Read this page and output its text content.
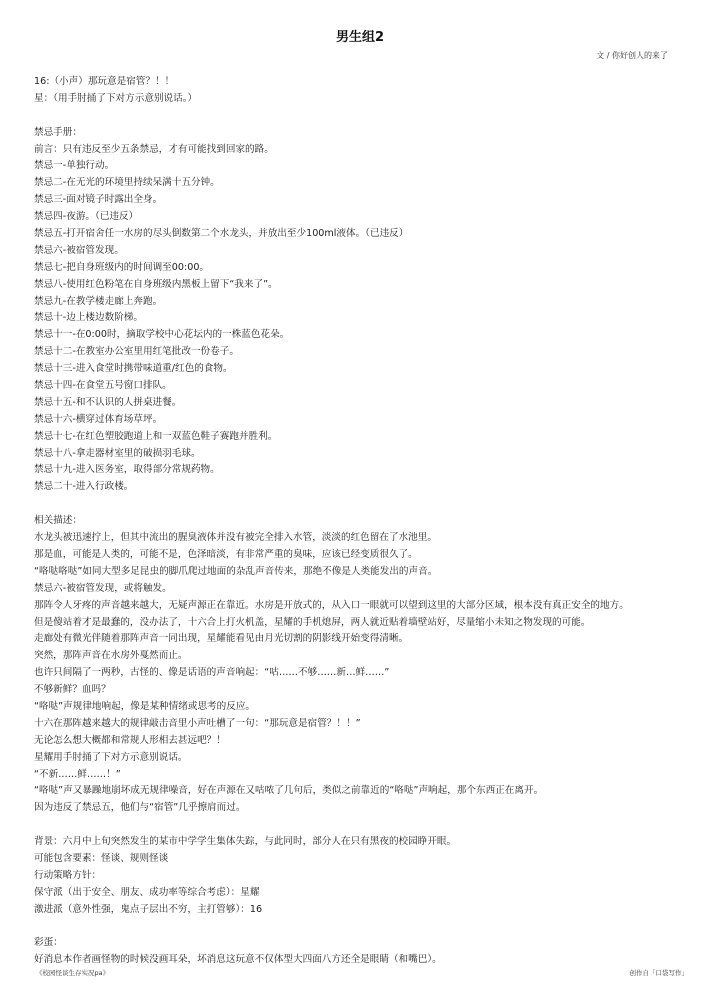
男生组2
文 / 你好创人的来了
16:（小声）那玩意是宿管？！！
星：（用手肘捅了下对方示意别说话。）
禁忌手册：
前言：只有违反至少五条禁忌，才有可能找到回家的路。
禁忌一-单独行动。
禁忌二-在无光的环境里持续呆满十五分钟。
禁忌三-面对镜子时露出全身。
禁忌四-夜游。（已违反）
禁忌五-打开宿舍任一水房的尽头倒数第二个水龙头，并放出至少100ml液体。（已违反）
禁忌六-被宿管发现。
禁忌七-把自身班级内的时间调至00:00。
禁忌八-使用红色粉笔在自身班级内黑板上留下“我来了”。
禁忌九-在教学楼走廊上奔跑。
禁忌十-边上楼边数阶梯。
禁忌十一-在0:00时，摘取学校中心花坛内的一株蓝色花朵。
禁忌十二-在教室办公室里用红笔批改一份卷子。
禁忌十三-进入食堂时携带味道重/红色的食物。
禁忌十四-在食堂五号窗口排队。
禁忌十五-和不认识的人拼桌进餐。
禁忌十六-横穿过体育场草坪。
禁忌十七-在红色塑胶跑道上和一双蓝色鞋子赛跑并胜利。
禁忌十八-拿走器材室里的破损羽毛球。
禁忌十九-进入医务室，取得部分常规药物。
禁忌二十-进入行政楼。
相关描述：
水龙头被迅速拧上，但其中流出的腥臭液体并没有被完全排入水管，淡淡的红色留在了水池里。
那是血，可能是人类的，可能不是，色泽暗淡，有非常严重的臭味，应该已经变质很久了。
“咯哒咯哒”如同大型多足昆虫的脚爪爬过地面的杂乱声音传来，那绝不像是人类能发出的声音。
禁忌六-被宿管发现，或将触发。
那阵令人牙疼的声音越来越大，无疑声源正在靠近。水房是开放式的，从入口一眼就可以望到这里的大部分区域，根本没有真正安全的地方。
但是傻站着才是最蠢的，没办法了，十六合上打火机盖，星耀的手机熄屏，两人就近贴着墙壁站好，尽量缩小未知之物发现的可能。
走廊处有微光伴随着那阵声音一同出现，星耀能看见由月光切割的阴影线开始变得清晰。
突然，那阵声音在水房外戛然而止。
也许只间隔了一两秒，古怪的、像是话语的声音响起：“咕……不够……新…鲜……”
不够新鲜？血吗？
“咯哒”声规律地响起，像是某种情绪或思考的反应。
十六在那阵越来越大的规律敲击音里小声吐槽了一句：“那玩意是宿管？！！”
无论怎么想大概都和常规人形相去甚远吧？！
星耀用手肘捅了下对方示意别说话。
“不新……鲜……！”
“咯哒”声又暴躁地崩坏成无规律噪音，好在声源在又咕哝了几句后，类似之前靠近的“咯哒”声响起，那个东西正在离开。
因为违反了禁忌五，他们与“宿管”几乎擦肩而过。
背景：六月中上旬突然发生的某市中学学生集体失踪，与此同时，部分人在只有黑夜的校园睁开眼。
可能包含要素：怪谈、规则怪谈
行动策略方针：
保守派（出于安全、朋友、成功率等综合考虑）：星耀
激进派（意外性强，鬼点子层出不穷，主打管够）：16
彩蛋：
好消息本作者画怪物的时候没画耳朵，坏消息这玩意不仅体型大四面八方还全是眼睛（和嘴巴）。
《校园怪谈生存实况pa》	创作自「口袋写作」
